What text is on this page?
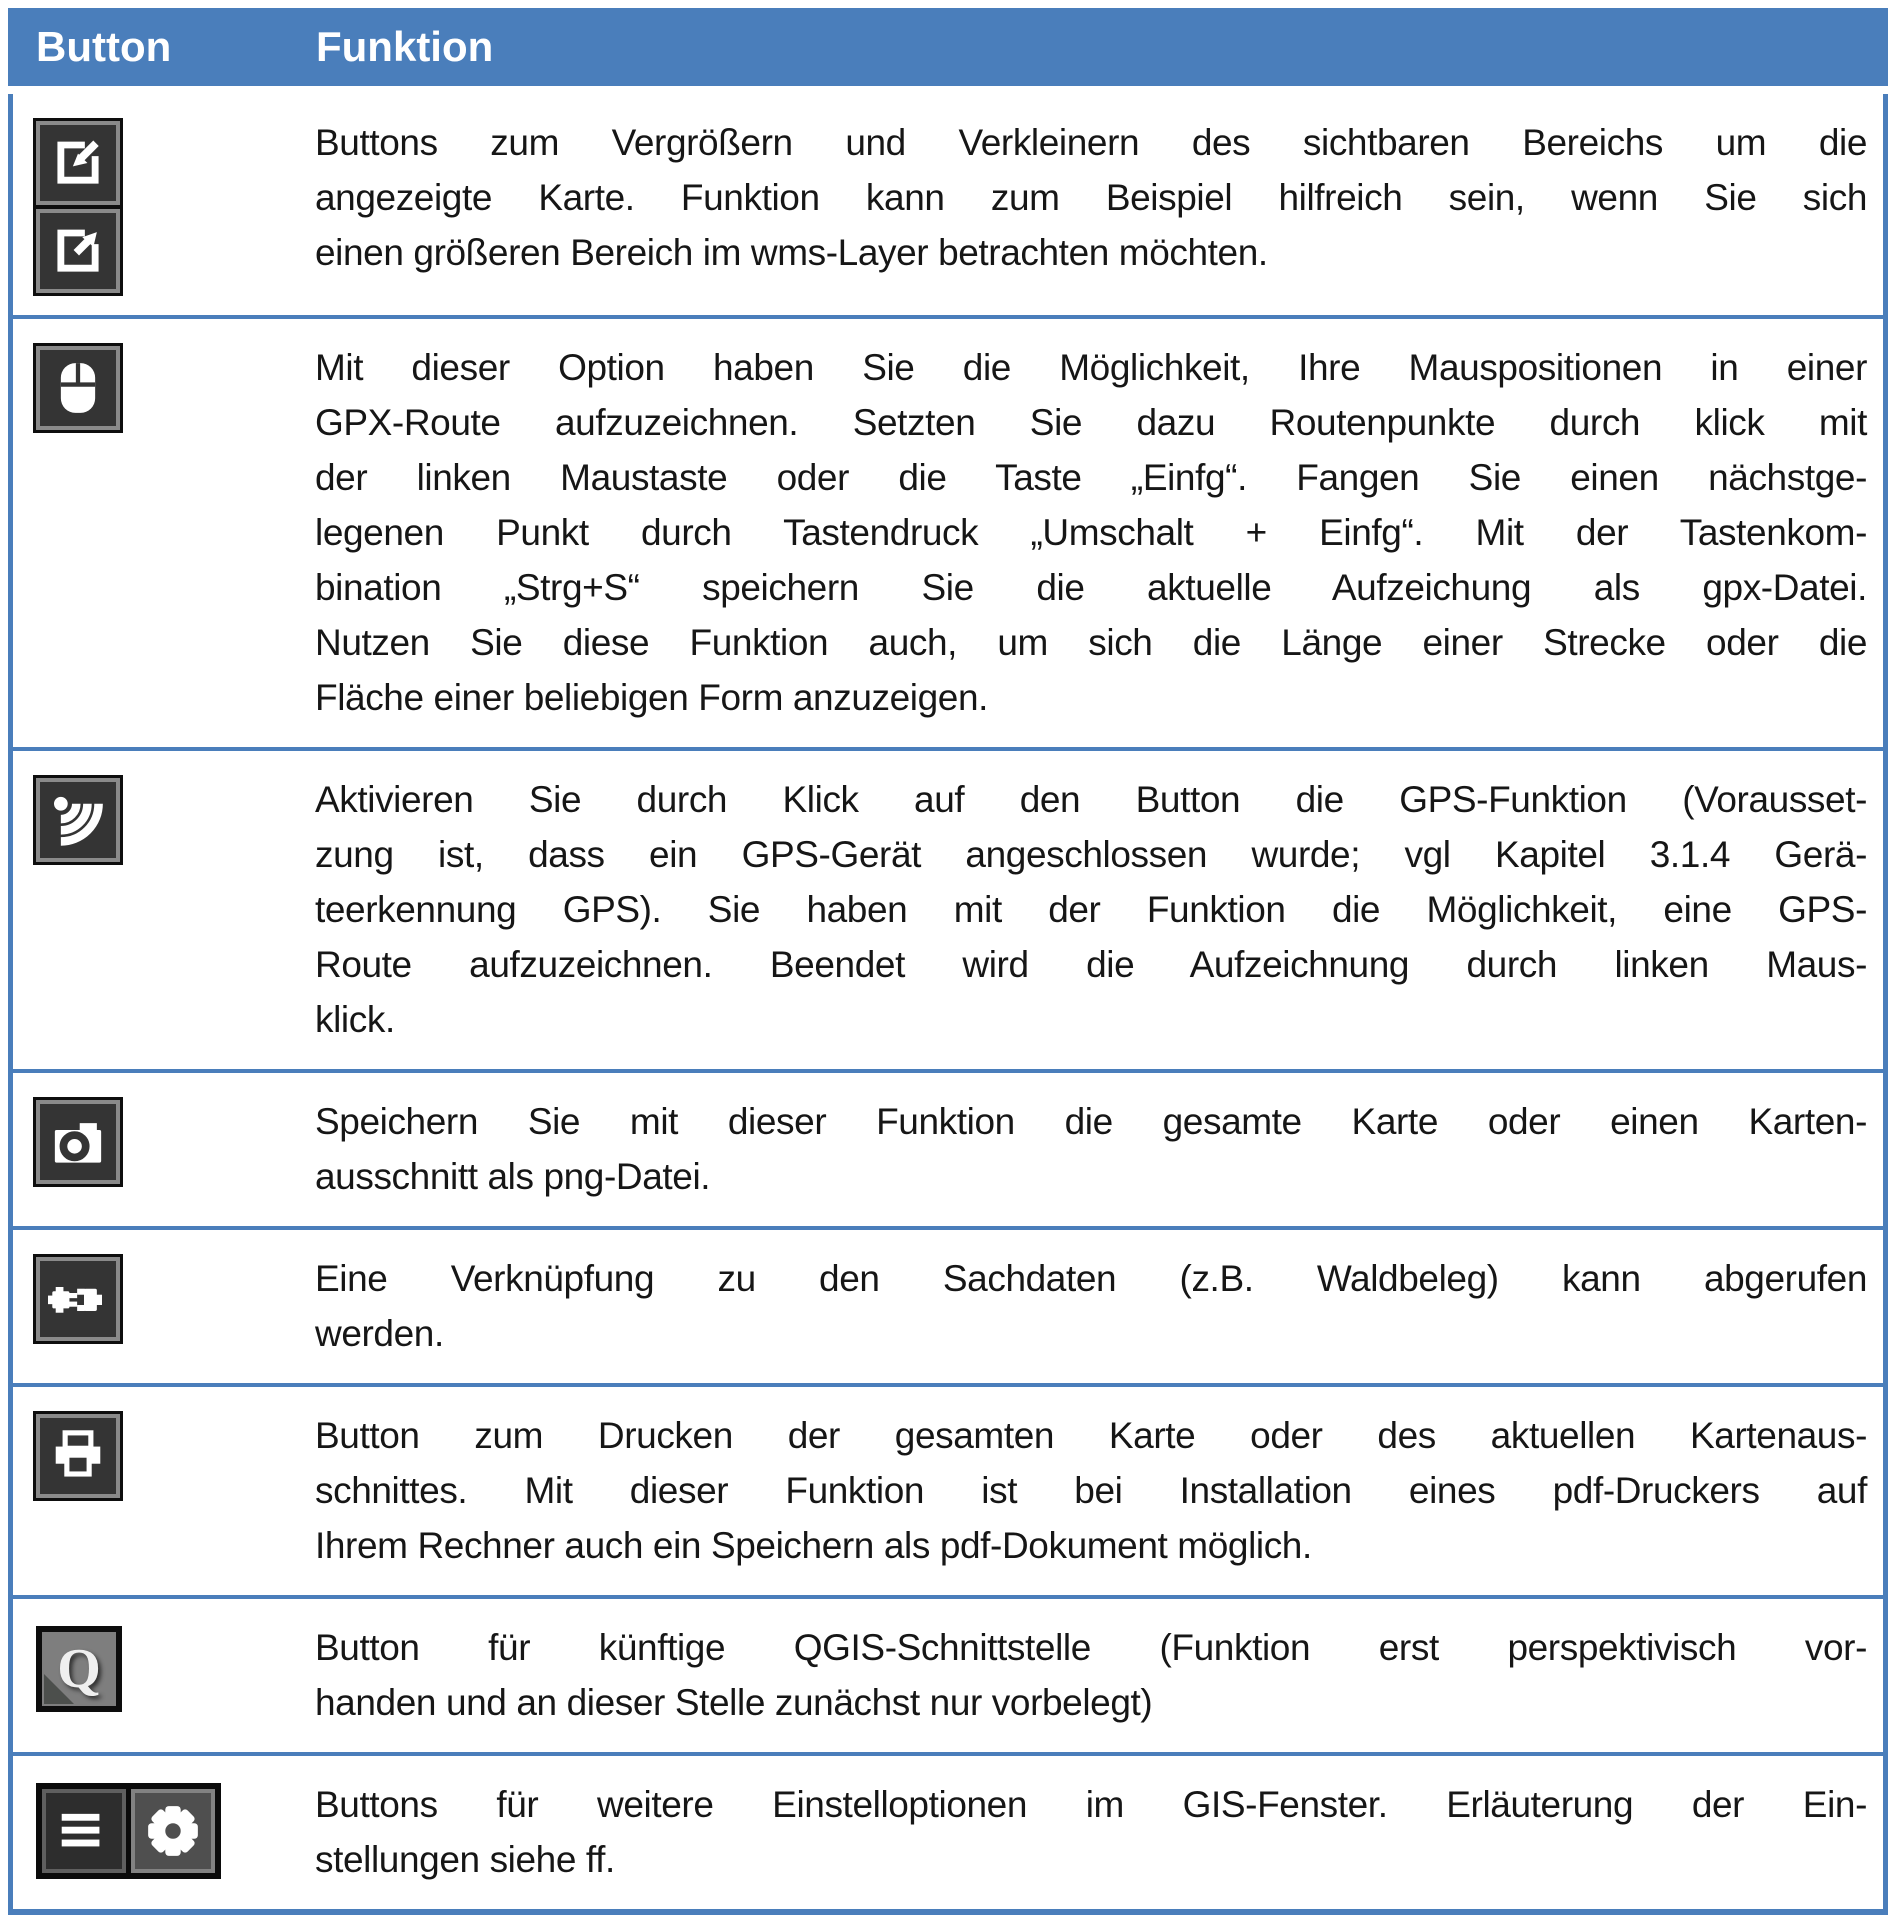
Button	Funktion
Buttons zum Vergrößern und Verkleinern des sichtbaren Bereichs um die
angezeigte Karte. Funktion kann zum Beispiel hilfreich sein, wenn Sie sich
einen größeren Bereich im wms-Layer betrachten möchten.
Mit dieser Option haben Sie die Möglichkeit, Ihre Mauspositionen in einer
GPX-Route aufzuzeichnen. Setzten Sie dazu Routenpunkte durch klick mit
der linken Maustaste oder die Taste „Einfg“. Fangen Sie einen nächstge-
legenen Punkt durch Tastendruck „Umschalt + Einfg“. Mit der Tastenkom-
bination „Strg+S“ speichern Sie die aktuelle Aufzeichung als gpx-Datei.
Nutzen Sie diese Funktion auch, um sich die Länge einer Strecke oder die
Fläche einer beliebigen Form anzuzeigen.
Aktivieren Sie durch Klick auf den Button die GPS-Funktion (Vorausset-
zung ist, dass ein GPS-Gerät angeschlossen wurde; vgl Kapitel 3.1.4 Gerä-
teerkennung GPS). Sie haben mit der Funktion die Möglichkeit, eine GPS-
Route aufzuzeichnen. Beendet wird die Aufzeichnung durch linken Maus-
klick.
Speichern Sie mit dieser Funktion die gesamte Karte oder einen Karten-
ausschnitt als png-Datei.
Eine Verknüpfung zu den Sachdaten (z.B. Waldbeleg) kann abgerufen
werden.
Button zum Drucken der gesamten Karte oder des aktuellen Kartenaus-
schnittes. Mit dieser Funktion ist bei Installation eines pdf-Druckers auf
Ihrem Rechner auch ein Speichern als pdf-Dokument möglich.
Q	Button für künftige QGIS-Schnittstelle (Funktion erst perspektivisch vor-
handen und an dieser Stelle zunächst nur vorbelegt)
Buttons für weitere Einstelloptionen im GIS-Fenster. Erläuterung der Ein-
stellungen siehe ff.
